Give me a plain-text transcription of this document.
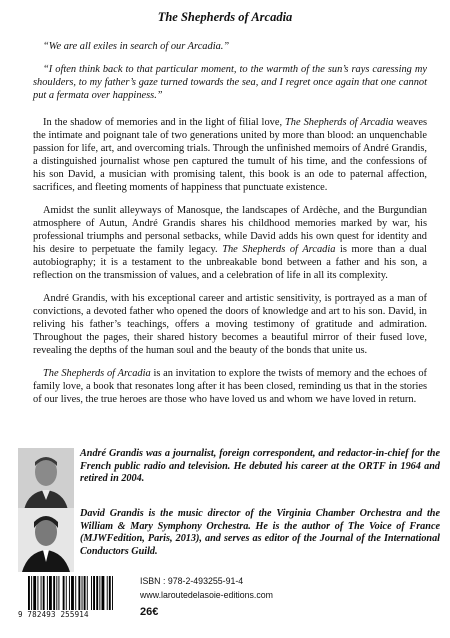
The Shepherds of Arcadia

“We are all exiles in search of our Arcadia.”

“I often think back to that particular moment, to the warmth of the sun’s rays caressing my shoulders, to my father’s gaze turned towards the sea, and I regret once again that one cannot put a fermata over happiness.”

In the shadow of memories and in the light of filial love, The Shepherds of Arcadia weaves the intimate and poignant tale of two generations united by more than blood: an unquenchable passion for life, art, and overcoming trials. Through the unfinished memoirs of André Grandis, a distinguished journalist whose pen captured the tumult of his time, and the confessions of his son David, a musician with promising talent, this book is an ode to paternal affection, sacrifices, and fleeting moments of happiness that punctuate existence.

Amidst the sunlit alleyways of Manosque, the landscapes of Ardèche, and the Burgundian atmosphere of Autun, André Grandis shares his childhood memories marked by war, his professional triumphs and personal setbacks, while David adds his own quest for identity and his desire to perpetuate the family legacy. The Shepherds of Arcadia is more than a dual autobiography; it is a testament to the unbreakable bond between a father and his son, a reflection on the transmission of values, and a celebration of life in all its complexity.

André Grandis, with his exceptional career and artistic sensitivity, is portrayed as a man of convictions, a devoted father who opened the doors of knowledge and art to his son. David, in reliving his father’s teachings, offers a moving testimony of gratitude and admiration. Throughout the pages, their shared history becomes a beautiful mirror of their fused love, revealing the depths of the human soul and the beauty of the bonds that unite us.

The Shepherds of Arcadia is an invitation to explore the twists of memory and the echoes of family love, a book that resonates long after it has been closed, reminding us that in the stories of our lives, the true heroes are those who have loved us and whom we have loved in return.

André Grandis was a journalist, foreign correspondent, and redactor-in-chief for the French public radio and television. He debuted his career at the ORTF in 1964 and retired in 2004.
David Grandis is the music director of the Virginia Chamber Orchestra and the William & Mary Symphony Orchestra. He is the author of The Voice of France (MJWFedition, Paris, 2013), and serves as editor of the Journal of the International Conductors Guild.
9 782493 255914
ISBN : 978-2-493255-91-4
www.laroutedelasoie-editions.com
26€
